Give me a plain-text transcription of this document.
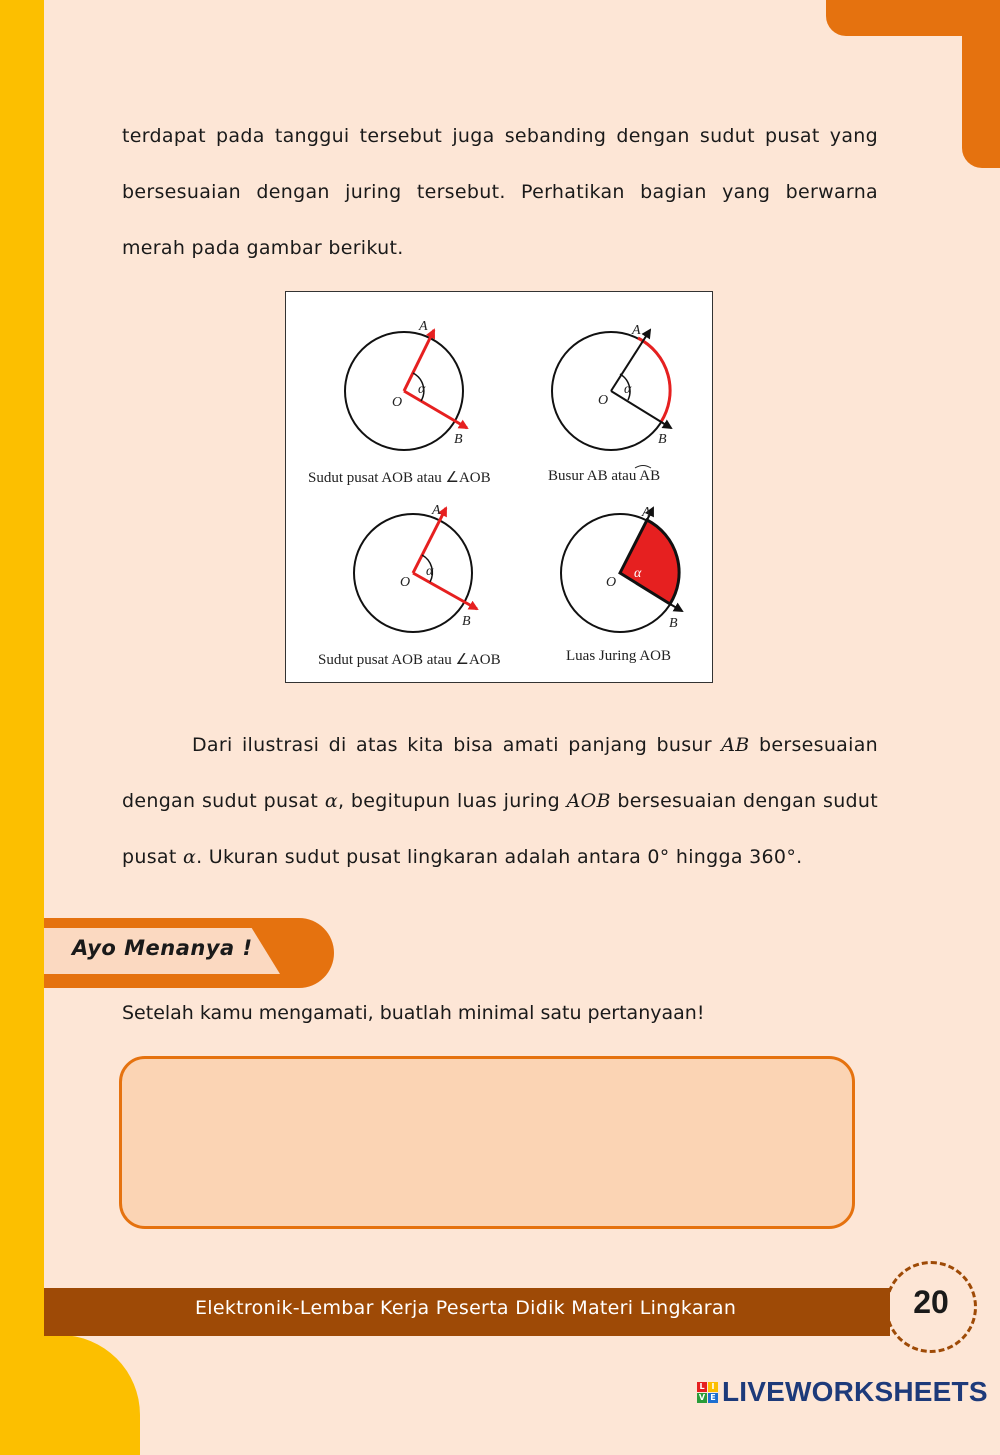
terdapat pada tanggui tersebut juga sebanding dengan sudut pusat yang bersesuaian dengan juring tersebut. Perhatikan bagian yang berwarna merah pada gambar berikut.

O
A
B
α
Sudut pusat AOB atau ∠AOB
O
A
B
α
Busur AB atau AB
O
A
B
α
Sudut pusat AOB atau ∠AOB
O
A
B
α
Luas Juring AOB

Dari ilustrasi di atas kita bisa amati panjang busur AB bersesuaian dengan sudut pusat α, begitupun luas juring AOB bersesuaian dengan sudut pusat α. Ukuran sudut pusat lingkaran adalah antara 0° hingga 360°.

Ayo Menanya !
Setelah kamu mengamati, buatlah minimal satu pertanyaan!
Elektronik-Lembar Kerja Peserta Didik Materi Lingkaran	20
L I
V E LIVEWORKSHEETS
